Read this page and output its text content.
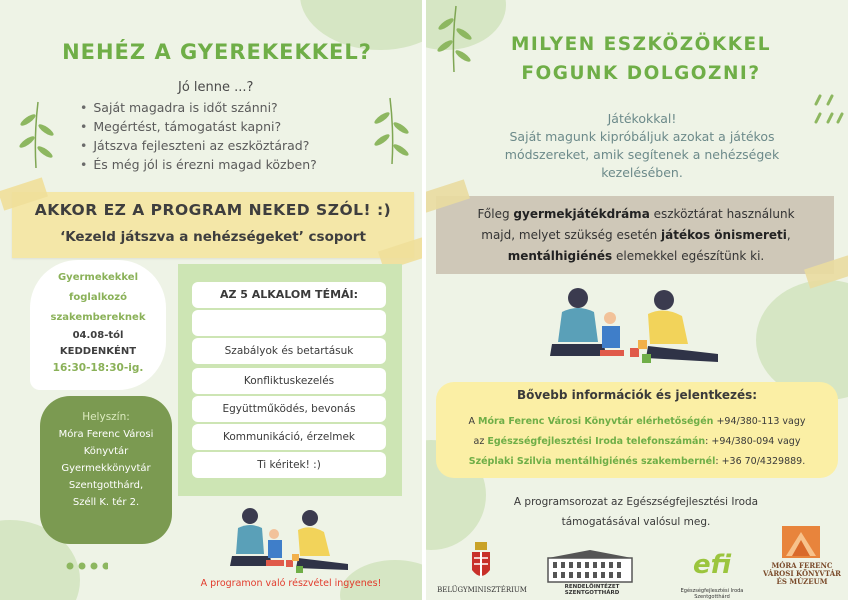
NEHÉZ A GYEREKEKKEL?
Jó lenne ...?
• Saját magadra is időt szánni?
• Megértést, támogatást kapni?
• Játszva fejleszteni az eszköztárad?
• És még jól is érezni magad közben?
AKKOR EZ A PROGRAM NEKED SZÓL! :)
‘Kezeld játszva a nehézségeket’ csoport
Gyermekekkel
foglalkozó
szakembereknek
04.08-tól
KEDDENKÉNT
16:30-18:30-ig.
Helyszín:
Móra Ferenc Városi
Könyvtár
Gyermekkönyvtár
Szentgotthárd,
Széll K. tér 2.
AZ 5 ALKALOM TÉMÁI:
Szabályok és betartásuk
Konfliktuskezelés
Együttműködés, bevonás
Kommunikáció, érzelmek
Ti kéritek! :)
A programon való részvétel ingyenes!
MILYEN ESZKÖZÖKKEL
FOGUNK DOLGOZNI?
Játékokkal!
Saját magunk kipróbáljuk azokat a játékos
módszereket, amik segítenek a nehézségek
kezelésében.
Főleg gyermekjátékdráma eszköztárat használunk
majd, melyet szükség esetén játékos önismereti,
mentálhigiénés elemekkel egészítünk ki.
Bővebb információk és jelentkezés:
A Móra Ferenc Városi Könyvtár elérhetőségén +94/380-113 vagy
az Egészségfejlesztési Iroda telefonszámán: +94/380-094 vagy
Széplaki Szilvia mentálhigiénés szakembernél: +36 70/4329889.
A programsorozat az Egészségfejlesztési Iroda
támogatásával valósul meg.
BELÜGYMINISZTÉRIUM	RENDELŐINTÉZET SZENTGOTTHÁRD
efi
Egészségfejlesztési Iroda Szentgotthárd
MÓRA FERENC
VÁROSI KÖNYVTÁR
ÉS MÚZEUM
